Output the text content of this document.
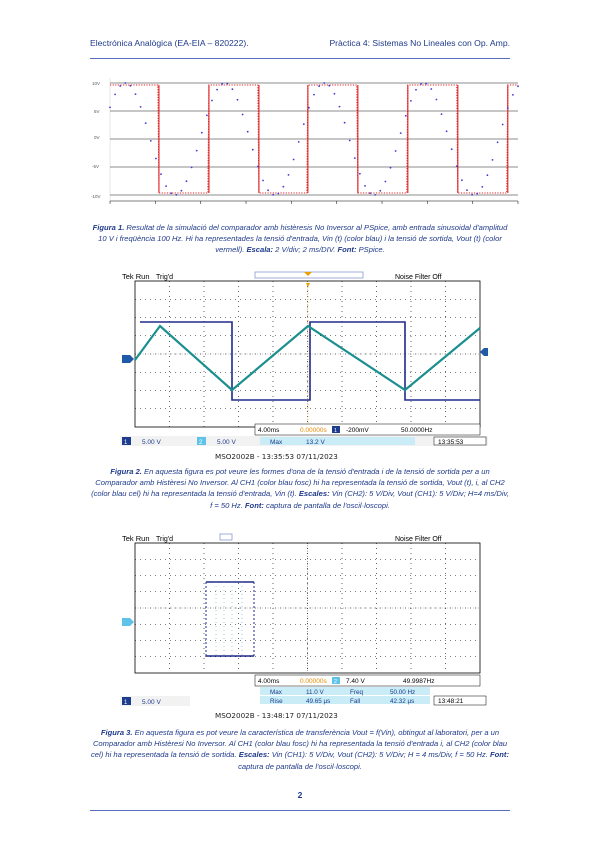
Electrónica Analògica (EA-EIA – 820222).	Pràctica 4: Sistemas No Lineales con Op. Amp.
10V
5V
0V
-5V
-10V
Figura 1. Resultat de la simulació del comparador amb histèresis No Inversor al PSpice, amb entrada sinusoidal d'amplitud 10 V i freqüència 100 Hz. Hi ha representades la tensió d'entrada, Vin (t) (color blau) i la tensió de sortida, Vout (t) (color vermell). Escala: 2 V/div; 2 ms/DIV. Font: PSpice.
Tek Run Trig'd	Noise Filter Off
4.00ms	0.00000s 1 -200mV	50.0000Hz
1 5.00 V	2 5.00 V	Max	13.2 V	13:35:53
MSO2002B - 13:35:53 07/11/2023
Figura 2. En aquesta figura es pot veure les formes d'ona de la tensió d'entrada i de la tensió de sortida per a un Comparador amb Histèresi No Inversor. Al CH1 (color blau fosc) hi ha representada la tensió de sortida, Vout (t), i, al CH2 (color blau cel) hi ha representada la tensió d'entrada, Vin (t). Escales: Vin (CH2): 5 V/Div, Vout (CH1): 5 V/Div; H=4 ms/Div, f = 50 Hz. Font: captura de pantalla de l'oscil·loscopi.
Tek Run Trig'd	Noise Filter Off
4.00ms	0.00000s 2 7.40 V	49.9987Hz
Max	11.0 V	Freq	50.00 Hz
Rise	49.65 µs	Fall	42.32 µs
1 5.00 V	13:48:21
MSO2002B - 13:48:17 07/11/2023
Figura 3. En aquesta figura es pot veure la característica de transferència Vout = f(Vin), obtingut al laboratori, per a un Comparador amb Histèresi No Inversor. Al CH1 (color blau fosc) hi ha representada la tensió d'entrada i, al CH2 (color blau cel) hi ha representada la tensió de sortida. Escales: Vin (CH1): 5 V/Div, Vout (CH2): 5 V/Div; H = 4 ms/Div, f = 50 Hz. Font: captura de pantalla de l'oscil·loscopi.
2
